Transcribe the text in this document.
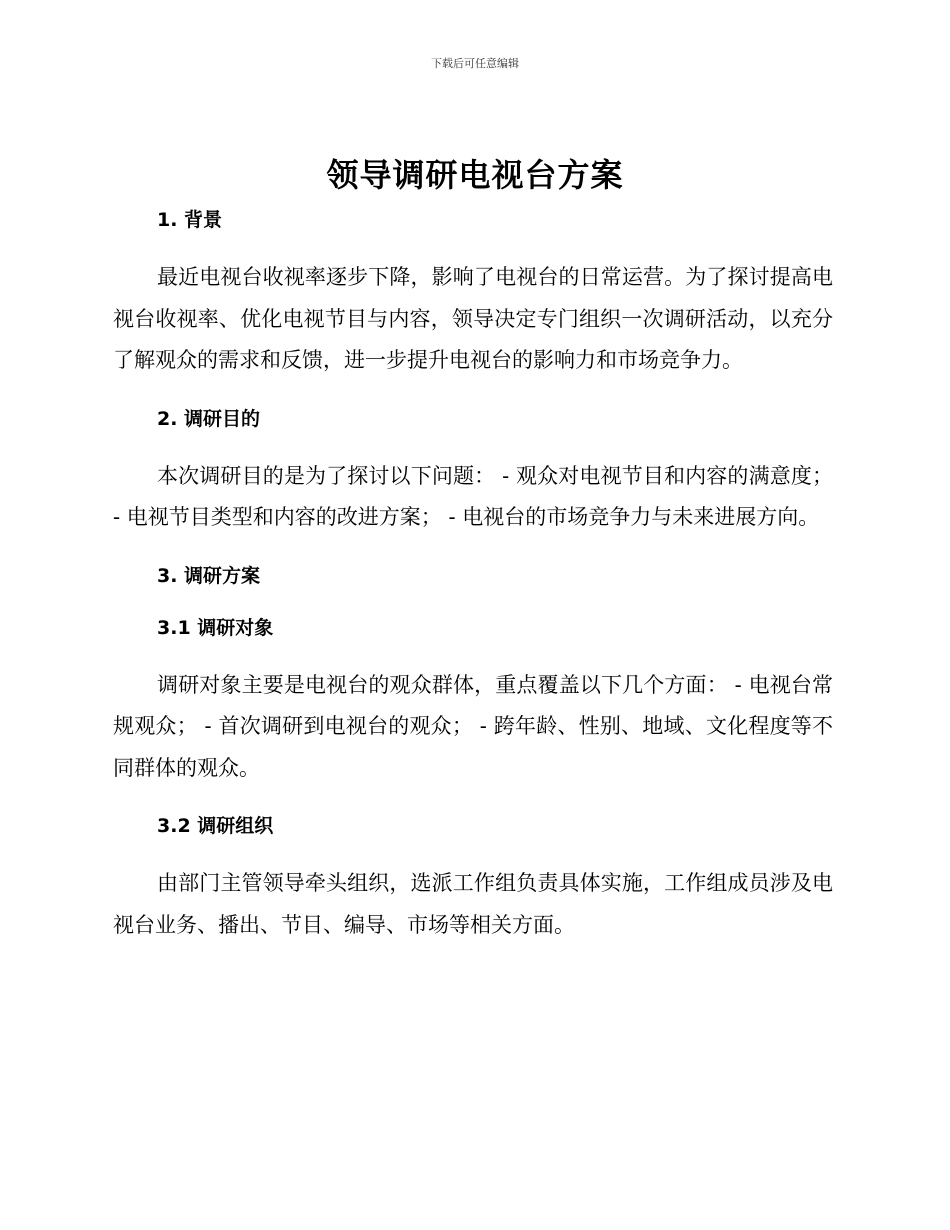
下载后可任意编辑
领导调研电视台方案
1. 背景

最近电视台收视率逐步下降，影响了电视台的日常运营。为了探讨提高电视台收视率、优化电视节目与内容，领导决定专门组织一次调研活动，以充分了解观众的需求和反馈，进一步提升电视台的影响力和市场竞争力。

2. 调研目的

本次调研目的是为了探讨以下问题： - 观众对电视节目和内容的满意度； - 电视节目类型和内容的改进方案； - 电视台的市场竞争力与未来进展方向。

3. 调研方案
3.1 调研对象

调研对象主要是电视台的观众群体，重点覆盖以下几个方面： - 电视台常规观众； - 首次调研到电视台的观众； - 跨年龄、性别、地域、文化程度等不同群体的观众。

3.2 调研组织

由部门主管领导牵头组织，选派工作组负责具体实施，工作组成员涉及电视台业务、播出、节目、编导、市场等相关方面。
